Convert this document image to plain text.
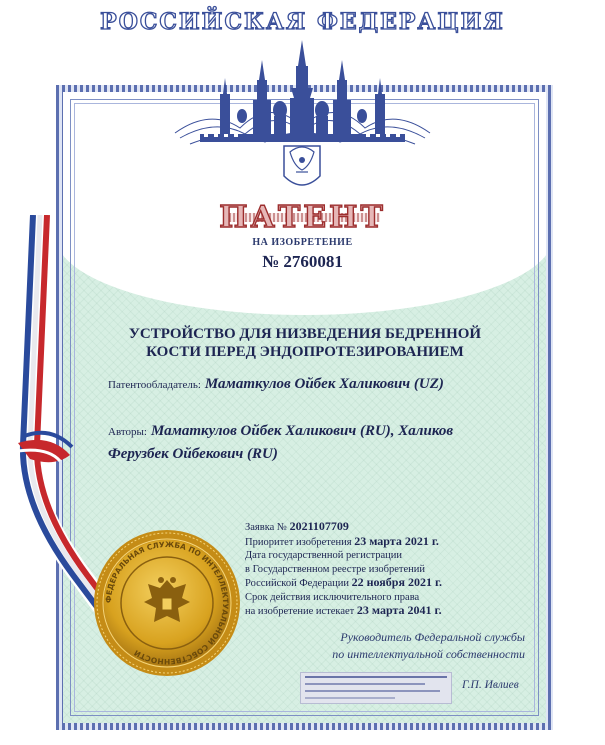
РОССИЙСКАЯ ФЕДЕРАЦИЯ
ПАТЕНТ
НА ИЗОБРЕТЕНИЕ
№ 2760081
УСТРОЙСТВО ДЛЯ НИЗВЕДЕНИЯ БЕДРЕННОЙ
КОСТИ ПЕРЕД ЭНДОПРОТЕЗИРОВАНИЕМ
Патентообладатель: Маматкулов Ойбек Халикович (UZ)
Авторы: Маматкулов Ойбек Халикович (RU), Халиков
Ферузбек Ойбекович (RU)
Заявка № 2021107709
Приоритет изобретения 23 марта 2021 г.
Дата государственной регистрации
в Государственном реестре изобретений
Российской Федерации 22 ноября 2021 г.
Срок действия исключительного права
на изобретение истекает 23 марта 2041 г.
Руководитель Федеральной службы
по интеллектуальной собственности
Г.П. Ивлиев
ФЕДЕРАЛЬНАЯ СЛУЖБА ПО ИНТЕЛЛЕКТУАЛЬНОЙ СОБСТВЕННОСТИ
